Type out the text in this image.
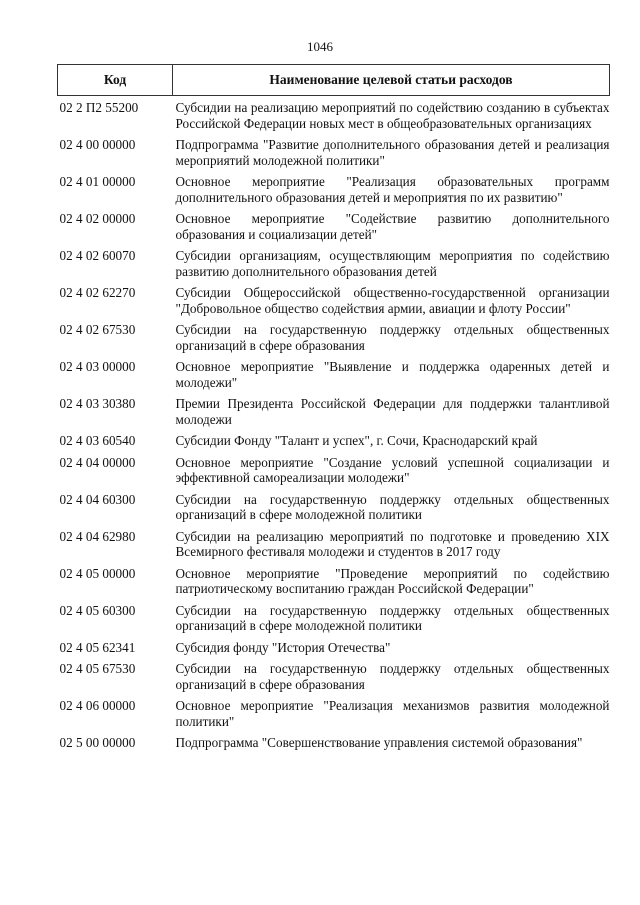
1046
Код	Наименование целевой статьи расходов
02 2 П2 55200	Субсидии на реализацию мероприятий по содействию созданию в субъектах Российской Федерации новых мест в общеобразовательных организациях
02 4 00 00000	Подпрограмма "Развитие дополнительного образования детей и реализация мероприятий молодежной политики"
02 4 01 00000	Основное мероприятие "Реализация образовательных программ дополнительного образования детей и мероприятия по их развитию"
02 4 02 00000	Основное мероприятие "Содействие развитию дополнительного образования и социализации детей"
02 4 02 60070	Субсидии организациям, осуществляющим мероприятия по содействию развитию дополнительного образования детей
02 4 02 62270	Субсидии Общероссийской общественно-государственной организации "Добровольное общество содействия армии, авиации и флоту России"
02 4 02 67530	Субсидии на государственную поддержку отдельных общественных организаций в сфере образования
02 4 03 00000	Основное мероприятие "Выявление и поддержка одаренных детей и молодежи"
02 4 03 30380	Премии Президента Российской Федерации для поддержки талантливой молодежи
02 4 03 60540	Субсидии Фонду "Талант и успех", г. Сочи, Краснодарский край
02 4 04 00000	Основное мероприятие "Создание условий успешной социализации и эффективной самореализации молодежи"
02 4 04 60300	Субсидии на государственную поддержку отдельных общественных организаций в сфере молодежной политики
02 4 04 62980	Субсидии на реализацию мероприятий по подготовке и проведению XIX Всемирного фестиваля молодежи и студентов в 2017 году
02 4 05 00000	Основное мероприятие "Проведение мероприятий по содействию патриотическому воспитанию граждан Российской Федерации"
02 4 05 60300	Субсидии на государственную поддержку отдельных общественных организаций в сфере молодежной политики
02 4 05 62341	Субсидия фонду "История Отечества"
02 4 05 67530	Субсидии на государственную поддержку отдельных общественных организаций в сфере образования
02 4 06 00000	Основное мероприятие "Реализация механизмов развития молодежной политики"
02 5 00 00000	Подпрограмма "Совершенствование управления системой образования"
